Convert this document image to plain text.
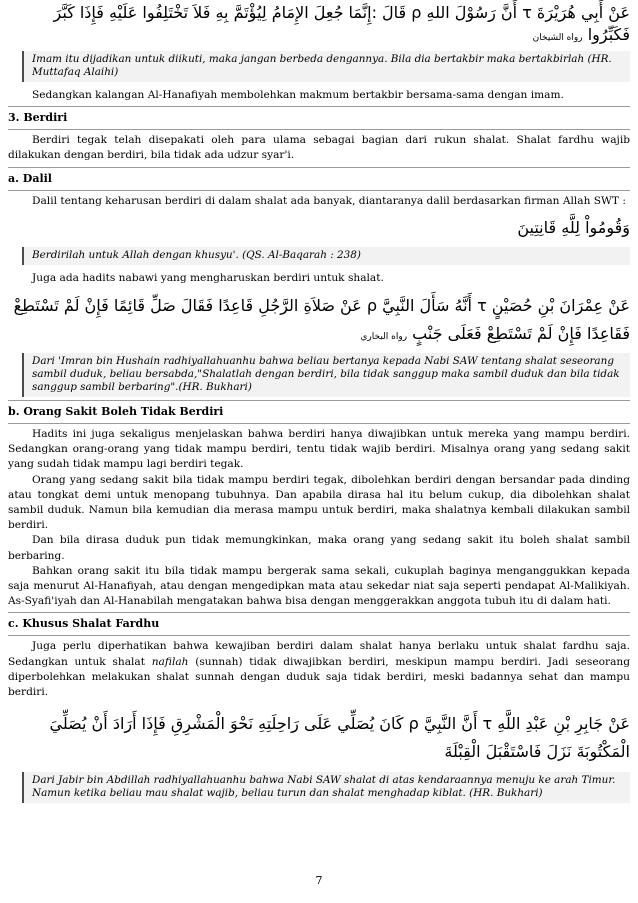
عَنْ أَبِي هُرَيْرَةَ τ أَنَّ رَسُوْلَ اللهِ ρ قَالَ :إِنَّمَا جُعِلَ الإِمَامُ لِيُؤْتَمَّ بِهِ فَلاَ تَخْتَلِفُوا عَلَيْهِ فَإِذَا كَبَّرَ فَكَبِّرُوا رواه الشيخان
Imam itu dijadikan untuk diikuti, maka jangan berbeda dengannya. Bila dia bertakbir maka bertakbirlah (HR. Muttafaq Alaihi)
Sedangkan kalangan Al-Hanafiyah membolehkan makmum bertakbir bersama-sama dengan imam.
3. Berdiri
Berdiri tegak telah disepakati oleh para ulama sebagai bagian dari rukun shalat. Shalat fardhu wajib dilakukan dengan berdiri, bila tidak ada udzur syar'i.
a. Dalil
Dalil tentang keharusan berdiri di dalam shalat ada banyak, diantaranya dalil berdasarkan firman Allah SWT :
وَقُومُواْ لِلَّهِ قَانِتِينَ
Berdirilah untuk Allah dengan khusyu'. (QS. Al-Baqarah : 238)
Juga ada hadits nabawi yang mengharuskan berdiri untuk shalat.
عَنْ عِمْرَانَ بْنِ حُصَيْنٍ τ أَنَّهُ سَأَلَ النَّبِيَّ ρ عَنْ صَلاَةِ الرَّجُلِ قَاعِدًا فَقَالَ صَلِّ قَائِمًا فَإِنْ لَمْ تَسْتَطِعْ فَقَاعِدًا فَإِنْ لَمْ تَسْتَطِعْ فَعَلَى جَنْبٍ رواه البخاري
Dari 'Imran bin Hushain radhiyallahuanhu bahwa beliau bertanya kepada Nabi SAW tentang shalat seseorang sambil duduk, beliau bersabda,"Shalatlah dengan berdiri, bila tidak sanggup maka sambil duduk dan bila tidak sanggup sambil berbaring".(HR. Bukhari)
b. Orang Sakit Boleh Tidak Berdiri
Hadits ini juga sekaligus menjelaskan bahwa berdiri hanya diwajibkan untuk mereka yang mampu berdiri. Sedangkan orang-orang yang tidak mampu berdiri, tentu tidak wajib berdiri. Misalnya orang yang sedang sakit yang sudah tidak mampu lagi berdiri tegak.
Orang yang sedang sakit bila tidak mampu berdiri tegak, dibolehkan berdiri dengan bersandar pada dinding atau tongkat demi untuk menopang tubuhnya. Dan apabila dirasa hal itu belum cukup, dia dibolehkan shalat sambil duduk. Namun bila kemudian dia merasa mampu untuk berdiri, maka shalatnya kembali dilakukan sambil berdiri.
Dan bila dirasa duduk pun tidak memungkinkan, maka orang yang sedang sakit itu boleh shalat sambil berbaring.
Bahkan orang sakit itu bila tidak mampu bergerak sama sekali, cukuplah baginya menganggukkan kepada saja menurut Al-Hanafiyah, atau dengan mengedipkan mata atau sekedar niat saja seperti pendapat Al-Malikiyah. As-Syafi'iyah dan Al-Hanabilah mengatakan bahwa bisa dengan menggerakkan anggota tubuh itu di dalam hati.
c. Khusus Shalat Fardhu
Juga perlu diperhatikan bahwa kewajiban berdiri dalam shalat hanya berlaku untuk shalat fardhu saja. Sedangkan untuk shalat nafilah (sunnah) tidak diwajibkan berdiri, meskipun mampu berdiri. Jadi seseorang diperbolehkan melakukan shalat sunnah dengan duduk saja tidak berdiri, meski badannya sehat dan mampu berdiri.
عَنْ جَابِرِ بْنِ عَبْدِ اللَّهِ τ أَنَّ النَّبِيَّ ρ كَانَ يُصَلِّي عَلَى رَاحِلَتِهِ نَحْوَ الْمَشْرِقِ فَإِذَا أَرَادَ أَنْ يُصَلِّيَ الْمَكْتُوبَةَ نَزَلَ فَاسْتَقْبَلَ الْقِبْلَةَ
Dari Jabir bin Abdillah radhiyallahuanhu bahwa Nabi SAW shalat di atas kendaraannya menuju ke arah Timur. Namun ketika beliau mau shalat wajib, beliau turun dan shalat menghadap kiblat. (HR. Bukhari)
7
